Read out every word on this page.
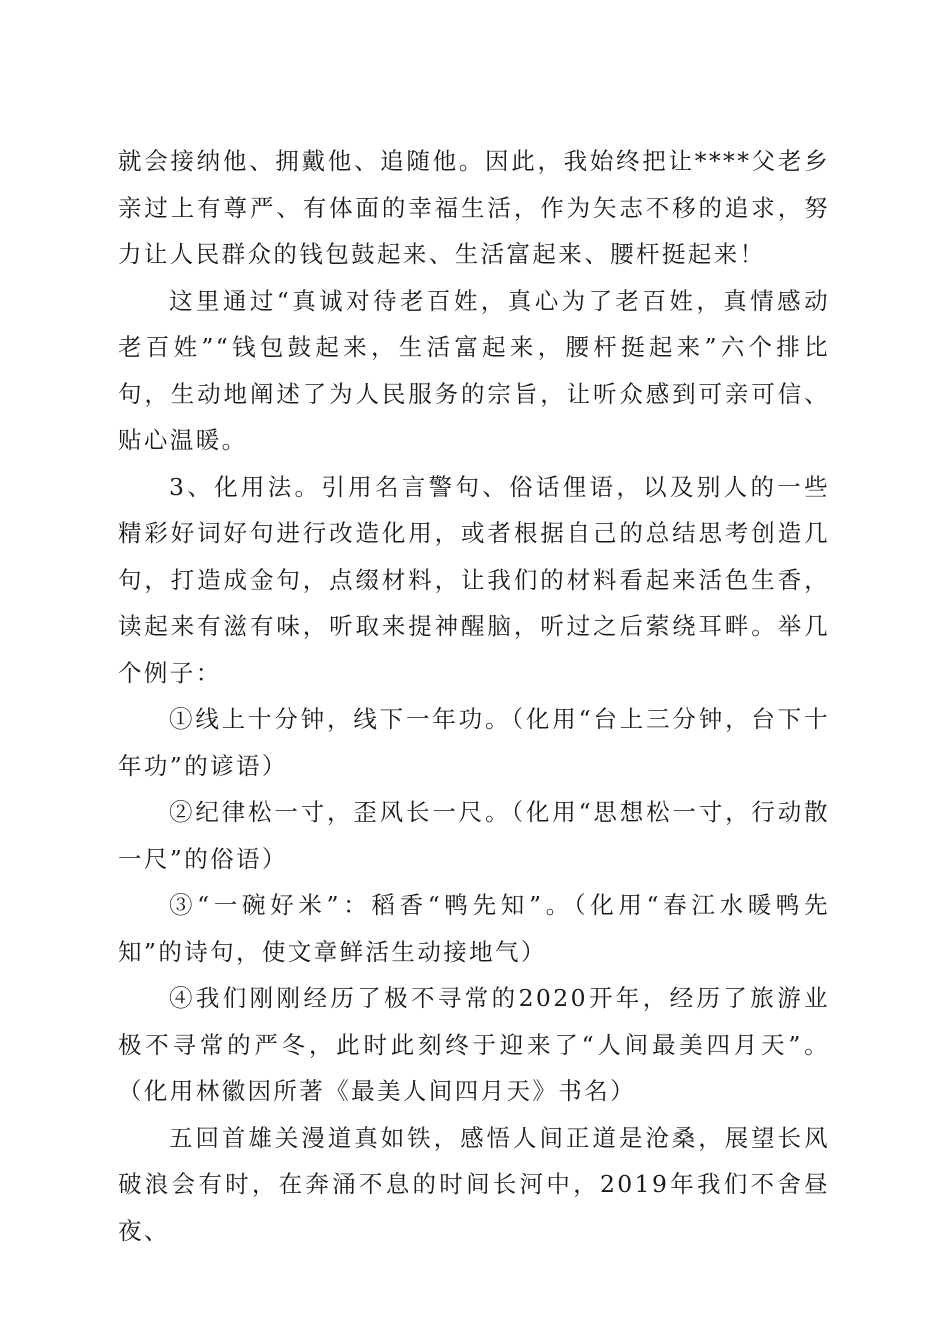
就会接纳他、拥戴他、追随他。因此，我始终把让****父老乡亲过上有尊严、有体面的幸福生活，作为矢志不移的追求，努力让人民群众的钱包鼓起来、生活富起来、腰杆挺起来！

这里通过“真诚对待老百姓，真心为了老百姓，真情感动老百姓”“钱包鼓起来，生活富起来，腰杆挺起来”六个排比句，生动地阐述了为人民服务的宗旨，让听众感到可亲可信、贴心温暖。

3、化用法。引用名言警句、俗话俚语，以及别人的一些精彩好词好句进行改造化用，或者根据自己的总结思考创造几句，打造成金句，点缀材料，让我们的材料看起来活色生香，读起来有滋有味，听取来提神醒脑，听过之后萦绕耳畔。举几个例子：

①线上十分钟，线下一年功。（化用“台上三分钟，台下十年功”的谚语）

②纪律松一寸，歪风长一尺。（化用“思想松一寸，行动散一尺”的俗语）

③“一碗好米”：稻香“鸭先知”。（化用“春江水暖鸭先知”的诗句，使文章鲜活生动接地气）

④我们刚刚经历了极不寻常的2020开年，经历了旅游业极不寻常的严冬，此时此刻终于迎来了“人间最美四月天”。（化用林徽因所著《最美人间四月天》书名）

五回首雄关漫道真如铁，感悟人间正道是沧桑，展望长风破浪会有时，在奔涌不息的时间长河中，2019年我们不舍昼夜、
